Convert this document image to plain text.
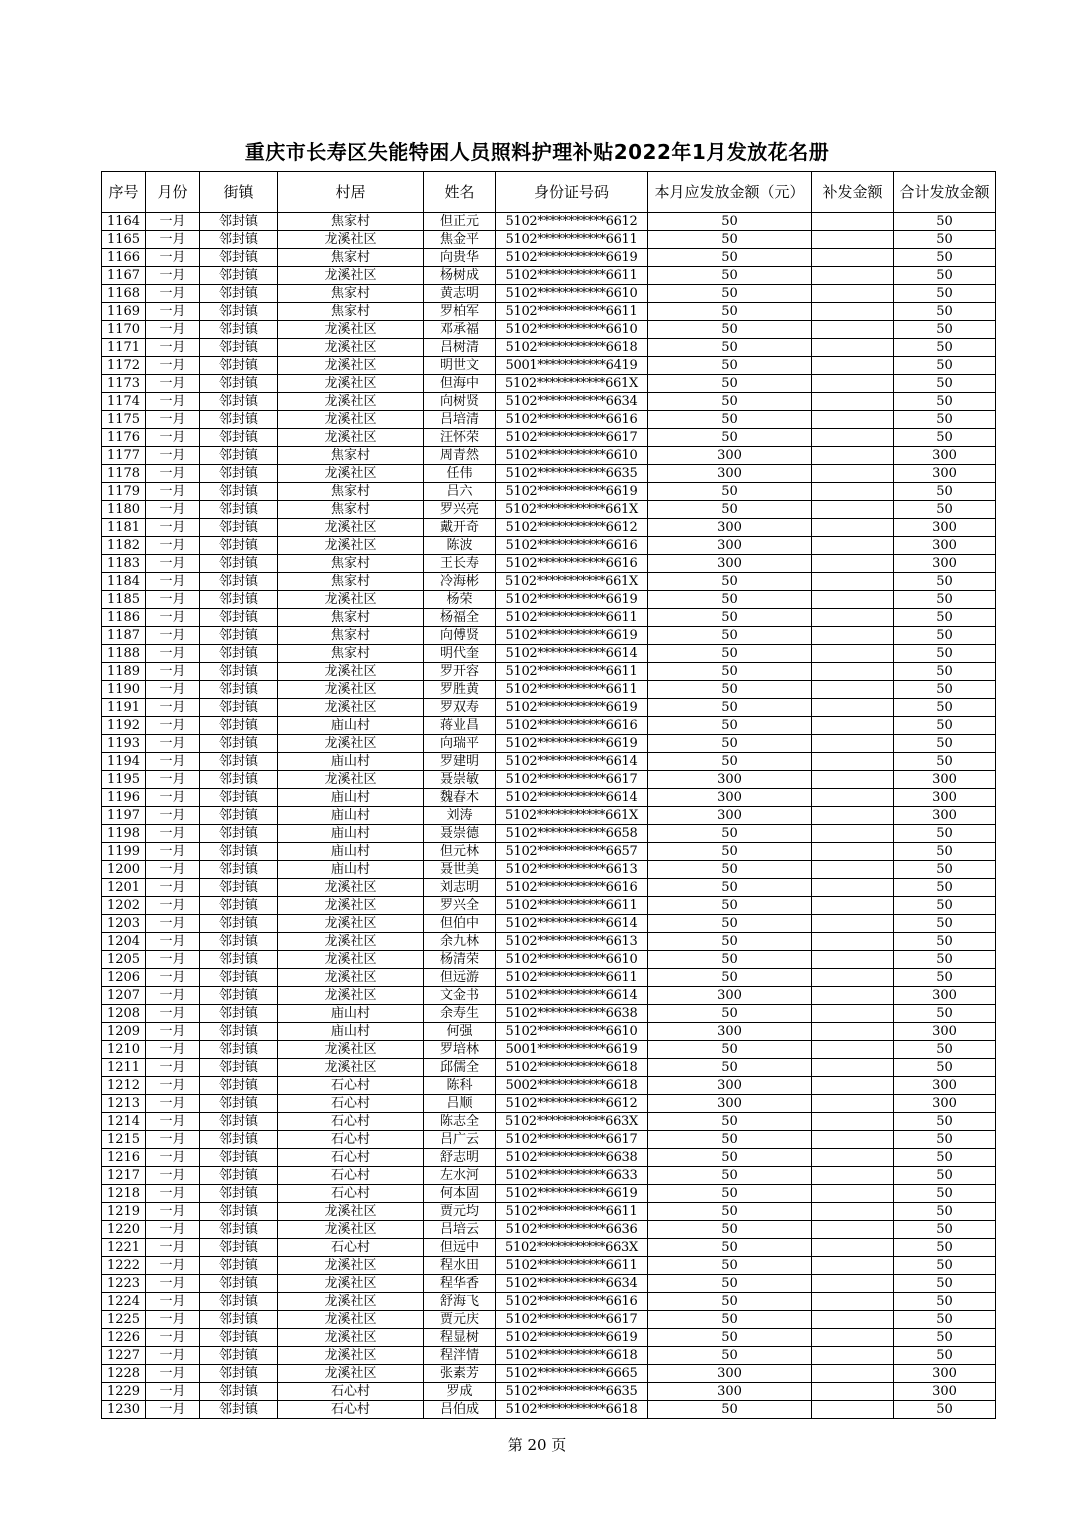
重庆市长寿区失能特困人员照料护理补贴2022年1月发放花名册
序号	月份	街镇	村居	姓名	身份证号码	本月应发放金额（元）	补发金额	合计发放金额
1164	一月	邻封镇	焦家村	但正元	5102***********6612	50		50
1165	一月	邻封镇	龙溪社区	焦金平	5102***********6611	50		50
1166	一月	邻封镇	焦家村	向贵华	5102***********6619	50		50
1167	一月	邻封镇	龙溪社区	杨树成	5102***********6611	50		50
1168	一月	邻封镇	焦家村	黄志明	5102***********6610	50		50
1169	一月	邻封镇	焦家村	罗柏军	5102***********6611	50		50
1170	一月	邻封镇	龙溪社区	邓承福	5102***********6610	50		50
1171	一月	邻封镇	龙溪社区	吕树清	5102***********6618	50		50
1172	一月	邻封镇	龙溪社区	明世文	5001***********6419	50		50
1173	一月	邻封镇	龙溪社区	但海中	5102***********661X	50		50
1174	一月	邻封镇	龙溪社区	向树贤	5102***********6634	50		50
1175	一月	邻封镇	龙溪社区	吕培清	5102***********6616	50		50
1176	一月	邻封镇	龙溪社区	汪怀荣	5102***********6617	50		50
1177	一月	邻封镇	焦家村	周青然	5102***********6610	300		300
1178	一月	邻封镇	龙溪社区	任伟	5102***********6635	300		300
1179	一月	邻封镇	焦家村	吕六	5102***********6619	50		50
1180	一月	邻封镇	焦家村	罗兴亮	5102***********661X	50		50
1181	一月	邻封镇	龙溪社区	戴开奇	5102***********6612	300		300
1182	一月	邻封镇	龙溪社区	陈波	5102***********6616	300		300
1183	一月	邻封镇	焦家村	王长寿	5102***********6616	300		300
1184	一月	邻封镇	焦家村	冷海彬	5102***********661X	50		50
1185	一月	邻封镇	龙溪社区	杨荣	5102***********6619	50		50
1186	一月	邻封镇	焦家村	杨福全	5102***********6611	50		50
1187	一月	邻封镇	焦家村	向傅贤	5102***********6619	50		50
1188	一月	邻封镇	焦家村	明代奎	5102***********6614	50		50
1189	一月	邻封镇	龙溪社区	罗开容	5102***********6611	50		50
1190	一月	邻封镇	龙溪社区	罗胜黄	5102***********6611	50		50
1191	一月	邻封镇	龙溪社区	罗双寿	5102***********6619	50		50
1192	一月	邻封镇	庙山村	蒋业昌	5102***********6616	50		50
1193	一月	邻封镇	龙溪社区	向瑞平	5102***********6619	50		50
1194	一月	邻封镇	庙山村	罗建明	5102***********6614	50		50
1195	一月	邻封镇	龙溪社区	聂崇敏	5102***********6617	300		300
1196	一月	邻封镇	庙山村	魏春木	5102***********6614	300		300
1197	一月	邻封镇	庙山村	刘涛	5102***********661X	300		300
1198	一月	邻封镇	庙山村	聂崇德	5102***********6658	50		50
1199	一月	邻封镇	庙山村	但元林	5102***********6657	50		50
1200	一月	邻封镇	庙山村	聂世美	5102***********6613	50		50
1201	一月	邻封镇	龙溪社区	刘志明	5102***********6616	50		50
1202	一月	邻封镇	龙溪社区	罗兴全	5102***********6611	50		50
1203	一月	邻封镇	龙溪社区	但伯中	5102***********6614	50		50
1204	一月	邻封镇	龙溪社区	余九林	5102***********6613	50		50
1205	一月	邻封镇	龙溪社区	杨清荣	5102***********6610	50		50
1206	一月	邻封镇	龙溪社区	但远游	5102***********6611	50		50
1207	一月	邻封镇	龙溪社区	文金书	5102***********6614	300		300
1208	一月	邻封镇	庙山村	余寿生	5102***********6638	50		50
1209	一月	邻封镇	庙山村	何强	5102***********6610	300		300
1210	一月	邻封镇	龙溪社区	罗培林	5001***********6619	50		50
1211	一月	邻封镇	龙溪社区	邱儒全	5102***********6618	50		50
1212	一月	邻封镇	石心村	陈科	5002***********6618	300		300
1213	一月	邻封镇	石心村	吕顺	5102***********6612	300		300
1214	一月	邻封镇	石心村	陈志全	5102***********663X	50		50
1215	一月	邻封镇	石心村	吕广云	5102***********6617	50		50
1216	一月	邻封镇	石心村	舒志明	5102***********6638	50		50
1217	一月	邻封镇	石心村	左水河	5102***********6633	50		50
1218	一月	邻封镇	石心村	何本固	5102***********6619	50		50
1219	一月	邻封镇	龙溪社区	贾元均	5102***********6611	50		50
1220	一月	邻封镇	龙溪社区	吕培云	5102***********6636	50		50
1221	一月	邻封镇	石心村	但远中	5102***********663X	50		50
1222	一月	邻封镇	龙溪社区	程水田	5102***********6611	50		50
1223	一月	邻封镇	龙溪社区	程华香	5102***********6634	50		50
1224	一月	邻封镇	龙溪社区	舒海飞	5102***********6616	50		50
1225	一月	邻封镇	龙溪社区	贾元庆	5102***********6617	50		50
1226	一月	邻封镇	龙溪社区	程显树	5102***********6619	50		50
1227	一月	邻封镇	龙溪社区	程泮情	5102***********6618	50		50
1228	一月	邻封镇	龙溪社区	张素芳	5102***********6665	300		300
1229	一月	邻封镇	石心村	罗成	5102***********6635	300		300
1230	一月	邻封镇	石心村	吕伯成	5102***********6618	50		50
第 20 页
